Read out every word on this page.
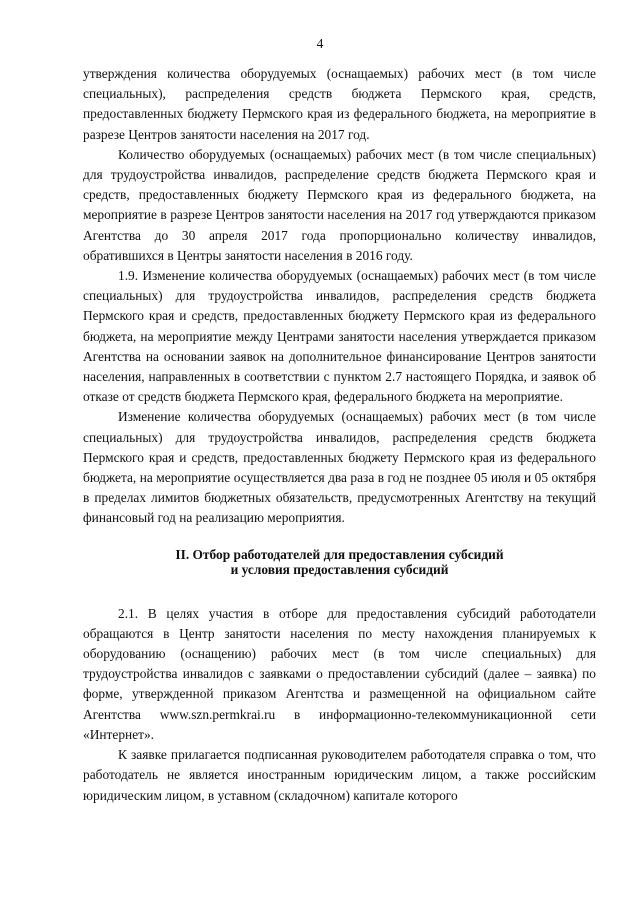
4

утверждения количества оборудуемых (оснащаемых) рабочих мест (в том числе специальных), распределения средств бюджета Пермского края, средств, предоставленных бюджету Пермского края из федерального бюджета, на мероприятие в разрезе Центров занятости населения на 2017 год.

Количество оборудуемых (оснащаемых) рабочих мест (в том числе специальных) для трудоустройства инвалидов, распределение средств бюджета Пермского края и средств, предоставленных бюджету Пермского края из федерального бюджета, на мероприятие в разрезе Центров занятости населения на 2017 год утверждаются приказом Агентства до 30 апреля 2017 года пропорционально количеству инвалидов, обратившихся в Центры занятости населения в 2016 году.

1.9. Изменение количества оборудуемых (оснащаемых) рабочих мест (в том числе специальных) для трудоустройства инвалидов, распределения средств бюджета Пермского края и средств, предоставленных бюджету Пермского края из федерального бюджета, на мероприятие между Центрами занятости населения утверждается приказом Агентства на основании заявок на дополнительное финансирование Центров занятости населения, направленных в соответствии с пунктом 2.7 настоящего Порядка, и заявок об отказе от средств бюджета Пермского края, федерального бюджета на мероприятие.

Изменение количества оборудуемых (оснащаемых) рабочих мест (в том числе специальных) для трудоустройства инвалидов, распределения средств бюджета Пермского края и средств, предоставленных бюджету Пермского края из федерального бюджета, на мероприятие осуществляется два раза в год не позднее 05 июля и 05 октября в пределах лимитов бюджетных обязательств, предусмотренных Агентству на текущий финансовый год на реализацию мероприятия.

II. Отбор работодателей для предоставления субсидий
и условия предоставления субсидий

2.1. В целях участия в отборе для предоставления субсидий работодатели обращаются в Центр занятости населения по месту нахождения планируемых к оборудованию (оснащению) рабочих мест (в том числе специальных) для трудоустройства инвалидов с заявками о предоставлении субсидий (далее – заявка) по форме, утвержденной приказом Агентства и размещенной на официальном сайте Агентства www.szn.permkrai.ru в информационно-телекоммуникационной сети «Интернет».

К заявке прилагается подписанная руководителем работодателя справка о том, что работодатель не является иностранным юридическим лицом, а также российским юридическим лицом, в уставном (складочном) капитале которого
